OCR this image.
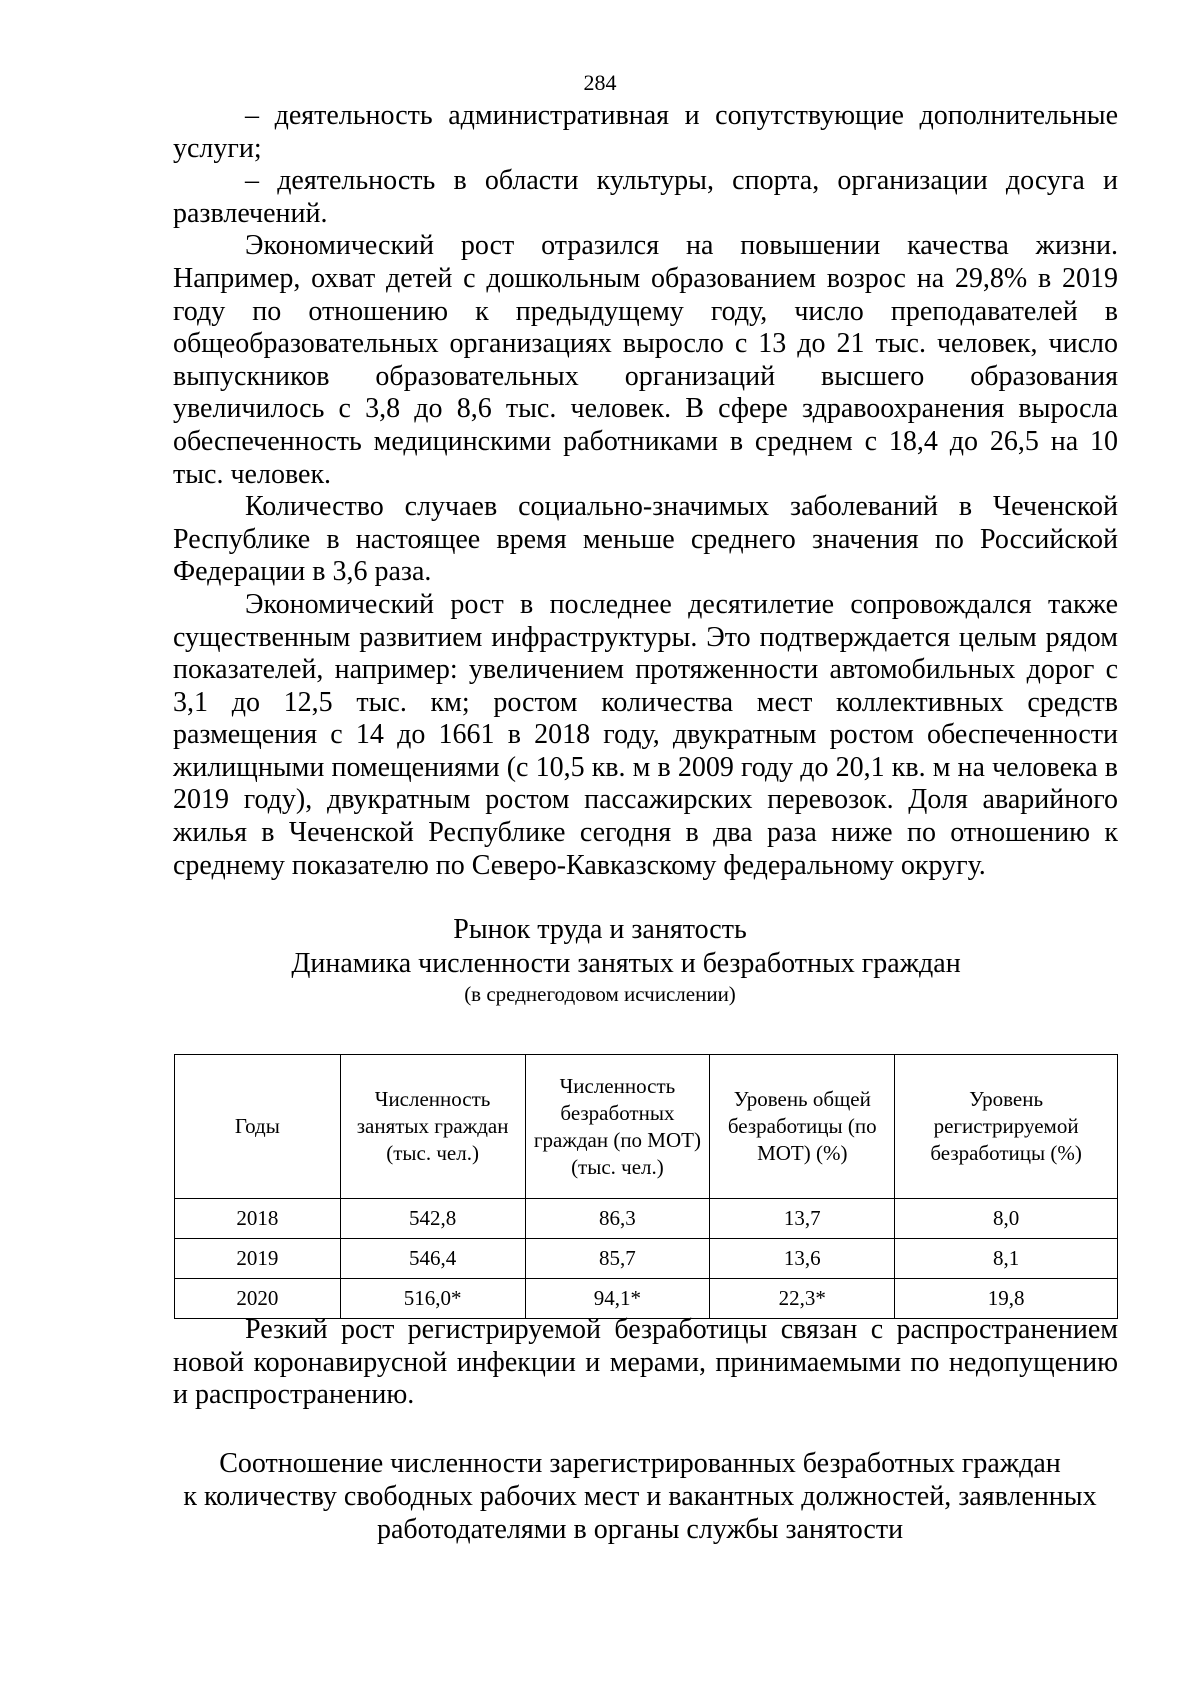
284

– деятельность административная и сопутствующие дополнительные услуги;

– деятельность в области культуры, спорта, организации досуга и развлечений.

Экономический рост отразился на повышении качества жизни. Например, охват детей с дошкольным образованием возрос на 29,8% в 2019 году по отношению к предыдущему году, число преподавателей в общеобразовательных организациях выросло с 13 до 21 тыс. человек, число выпускников образовательных организаций высшего образования увеличилось с 3,8 до 8,6 тыс. человек. В сфере здравоохранения выросла обеспеченность медицинскими работниками в среднем с 18,4 до 26,5 на 10 тыс. человек.

Количество случаев социально-значимых заболеваний в Чеченской Республике в настоящее время меньше среднего значения по Российской Федерации в 3,6 раза.

Экономический рост в последнее десятилетие сопровождался также существенным развитием инфраструктуры. Это подтверждается целым рядом показателей, например: увеличением протяженности автомобильных дорог с 3,1 до 12,5 тыс. км; ростом количества мест коллективных средств размещения с 14 до 1661 в 2018 году, двукратным ростом обеспеченности жилищными помещениями (с 10,5 кв. м в 2009 году до 20,1 кв. м на человека в 2019 году), двукратным ростом пассажирских перевозок. Доля аварийного жилья в Чеченской Республике сегодня в два раза ниже по отношению к среднему показателю по Северо-Кавказскому федеральному округу.

Рынок труда и занятость
Динамика численности занятых и безработных граждан
(в среднегодовом исчислении)
Годы	Численность занятых граждан (тыс. чел.)	Численность безработных граждан (по МОТ) (тыс. чел.)	Уровень общей безработицы (по МОТ) (%)	Уровень регистрируемой безработицы (%)
2018	542,8	86,3	13,7	8,0
2019	546,4	85,7	13,6	8,1
2020	516,0*	94,1*	22,3*	19,8

Резкий рост регистрируемой безработицы связан с распространением новой коронавирусной инфекции и мерами, принимаемыми по недопущению и распространению.

Соотношение численности зарегистрированных безработных граждан
к количеству свободных рабочих мест и вакантных должностей, заявленных
работодателями в органы службы занятости
